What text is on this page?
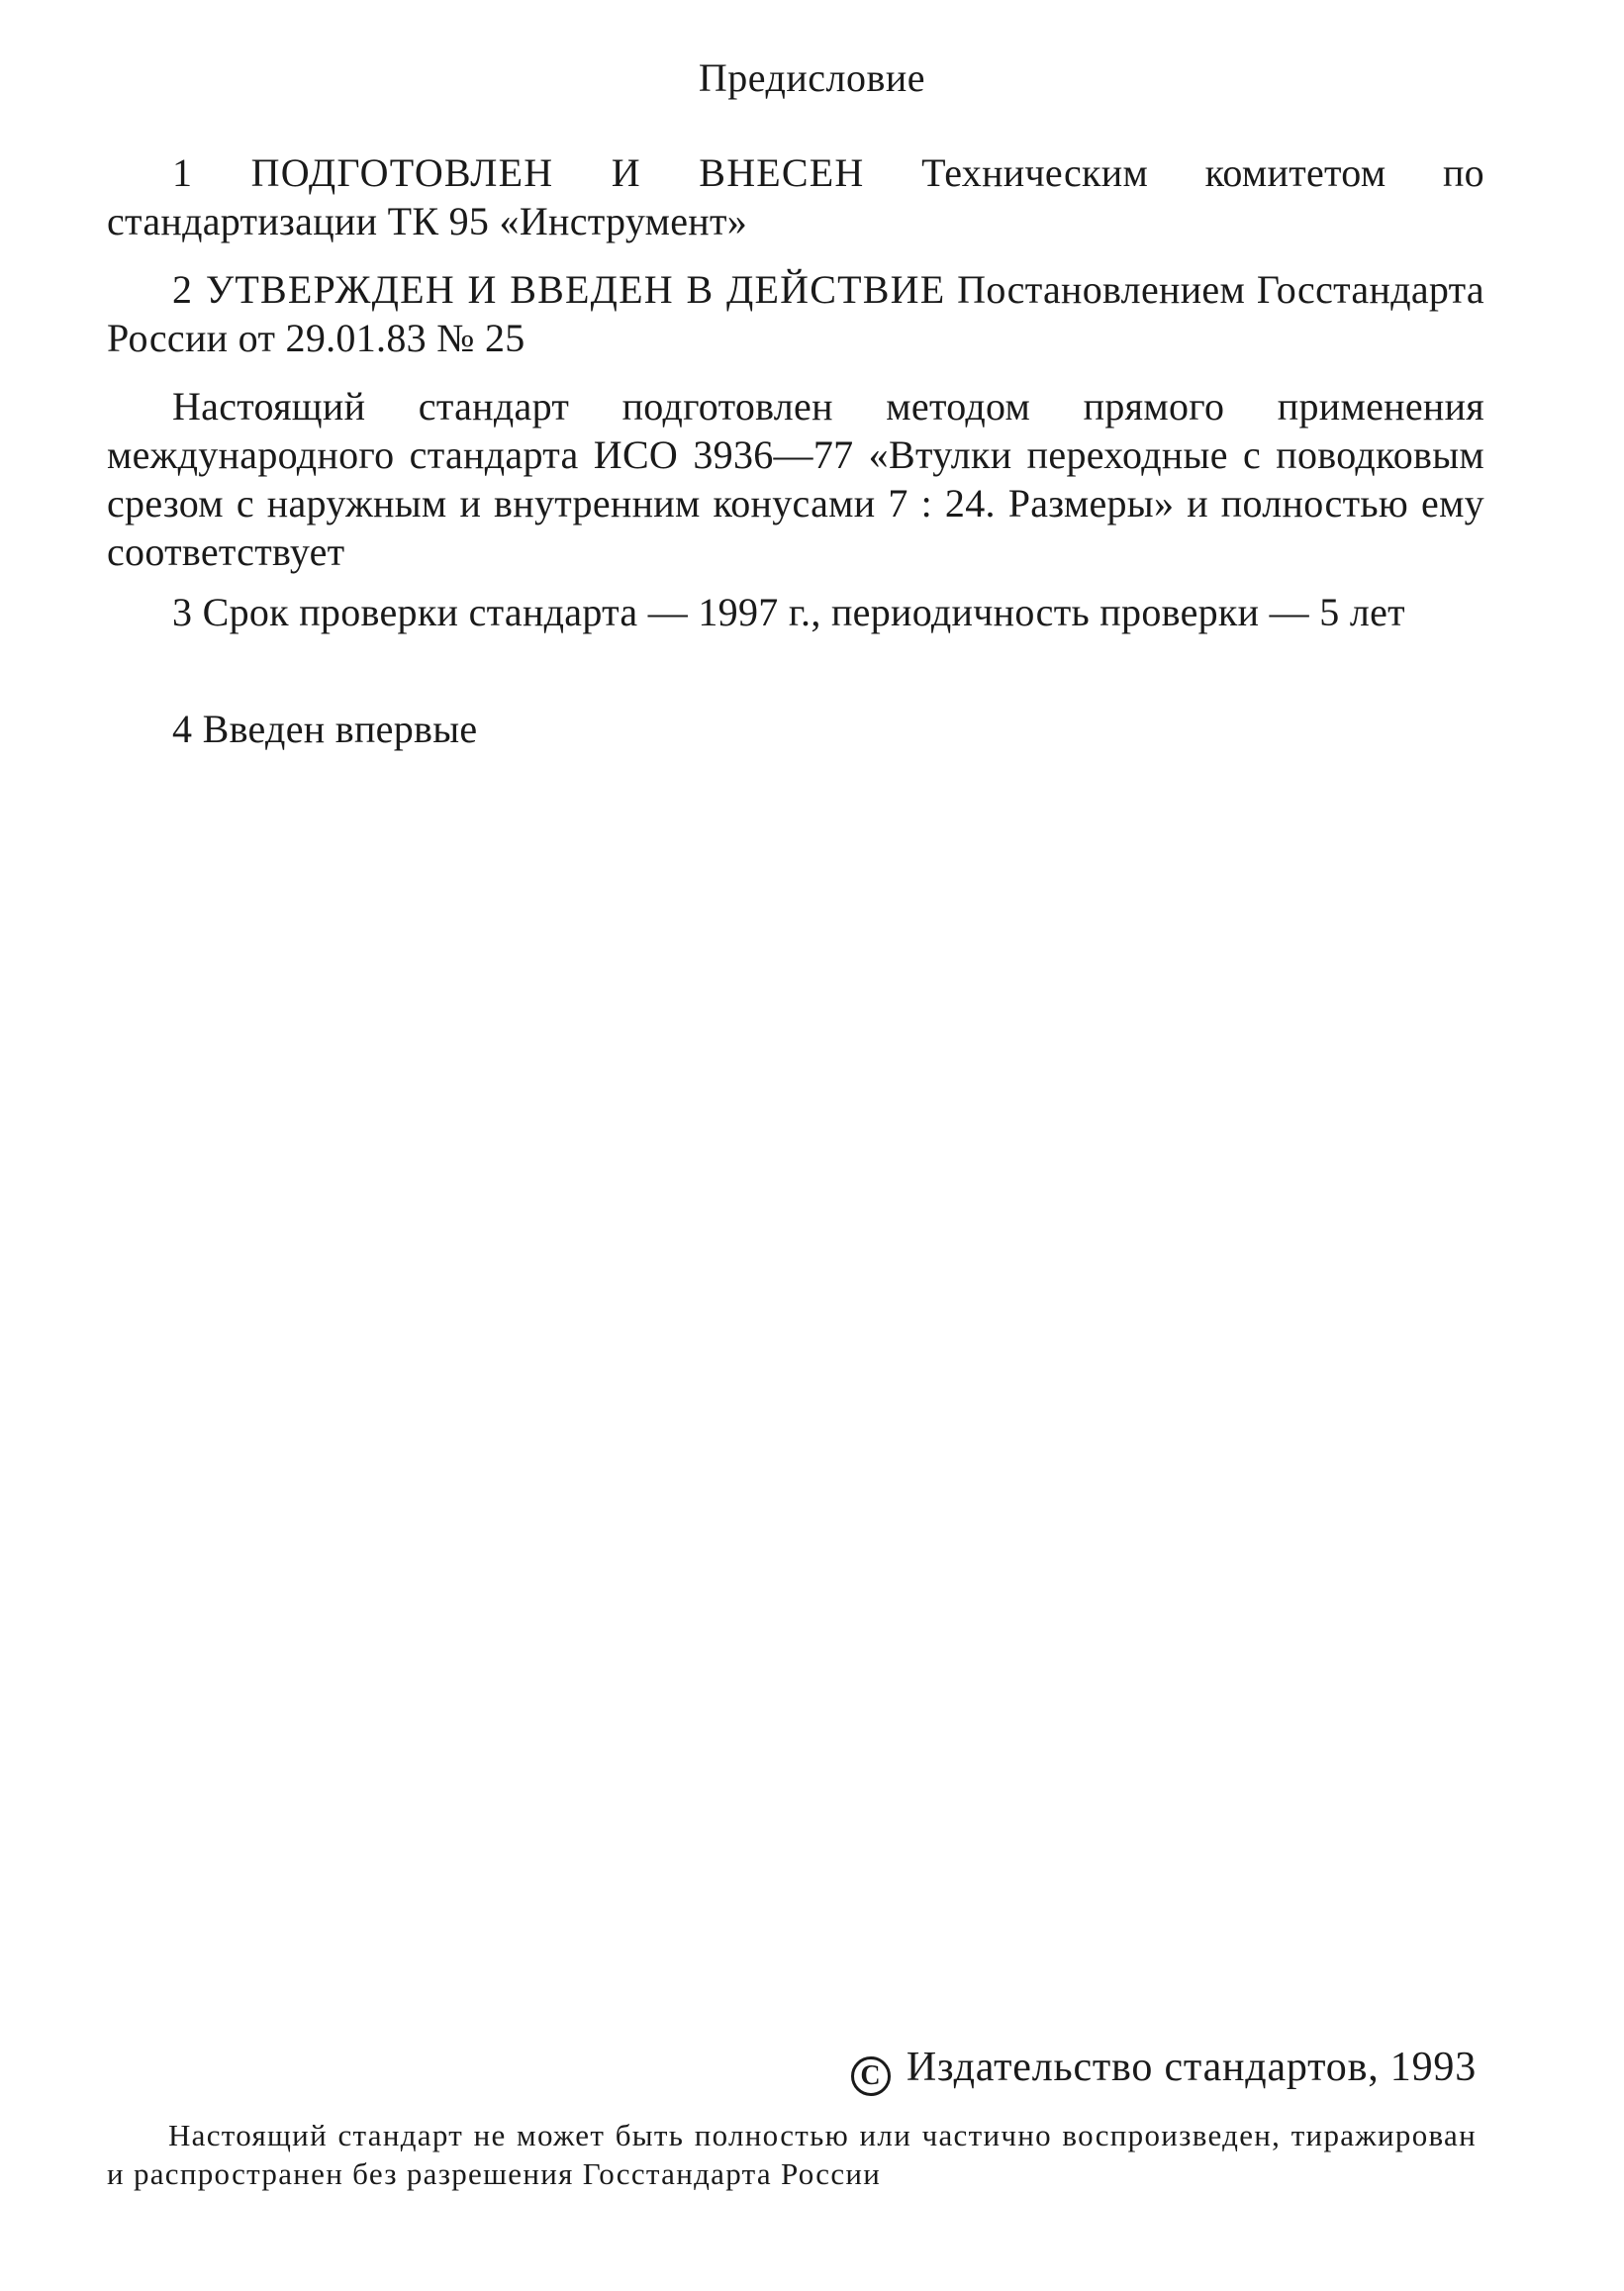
Предисловие

1 ПОДГОТОВЛЕН И ВНЕСЕН Техническим комитетом по стандартизации ТК 95 «Инструмент»

2 УТВЕРЖДЕН И ВВЕДЕН В ДЕЙСТВИЕ Постановлением Госстандарта России от 29.01.83 № 25

Настоящий стандарт подготовлен методом прямого применения международного стандарта ИСО 3936—77 «Втулки переходные с поводковым срезом с наружным и внутренним конусами 7 : 24. Размеры» и полностью ему соответствует

3 Срок проверки стандарта — 1997 г., периодичность проверки — 5 лет

4 Введен впервые

C Издательство стандартов, 1993
Настоящий стандарт не может быть полностью или частично воспроизведен, тиражирован и распространен без разрешения Госстандарта России
